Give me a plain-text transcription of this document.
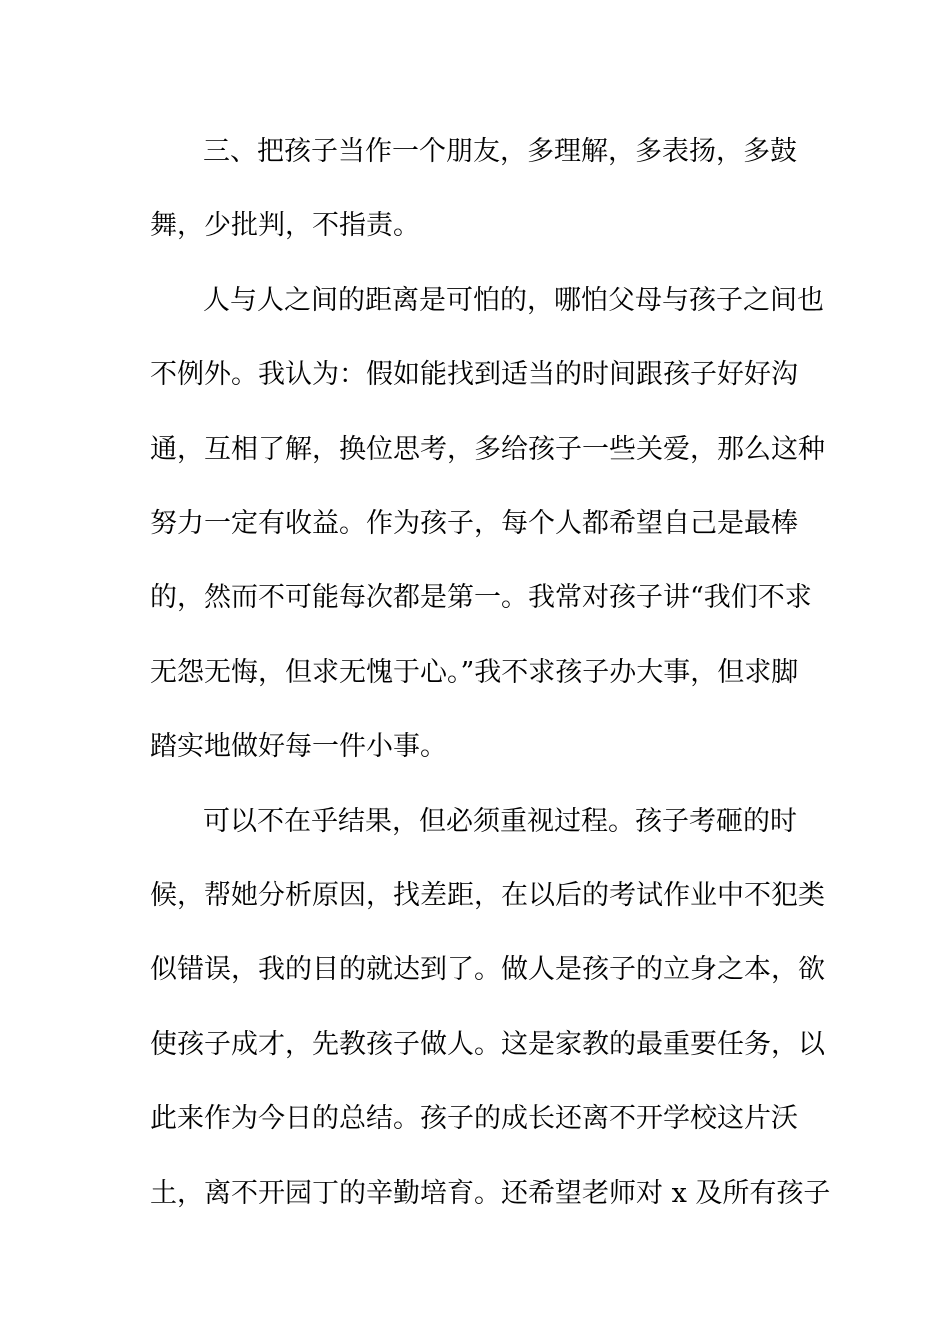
三、把孩子当作一个朋友，多理解，多表扬，多鼓
舞，少批判，不指责。
人与人之间的距离是可怕的，哪怕父母与孩子之间也
不例外。我认为：假如能找到适当的时间跟孩子好好沟
通，互相了解，换位思考，多给孩子一些关爱，那么这种
努力一定有收益。作为孩子，每个人都希望自己是最棒
的，然而不可能每次都是第一。我常对孩子讲“我们不求
无怨无悔，但求无愧于心。”我不求孩子办大事，但求脚
踏实地做好每一件小事。
可以不在乎结果，但必须重视过程。孩子考砸的时
候，帮她分析原因，找差距，在以后的考试作业中不犯类
似错误，我的目的就达到了。做人是孩子的立身之本，欲
使孩子成才，先教孩子做人。这是家教的最重要任务，以
此来作为今日的总结。孩子的成长还离不开学校这片沃
土，离不开园丁的辛勤培育。还希望老师对 x 及所有孩子
